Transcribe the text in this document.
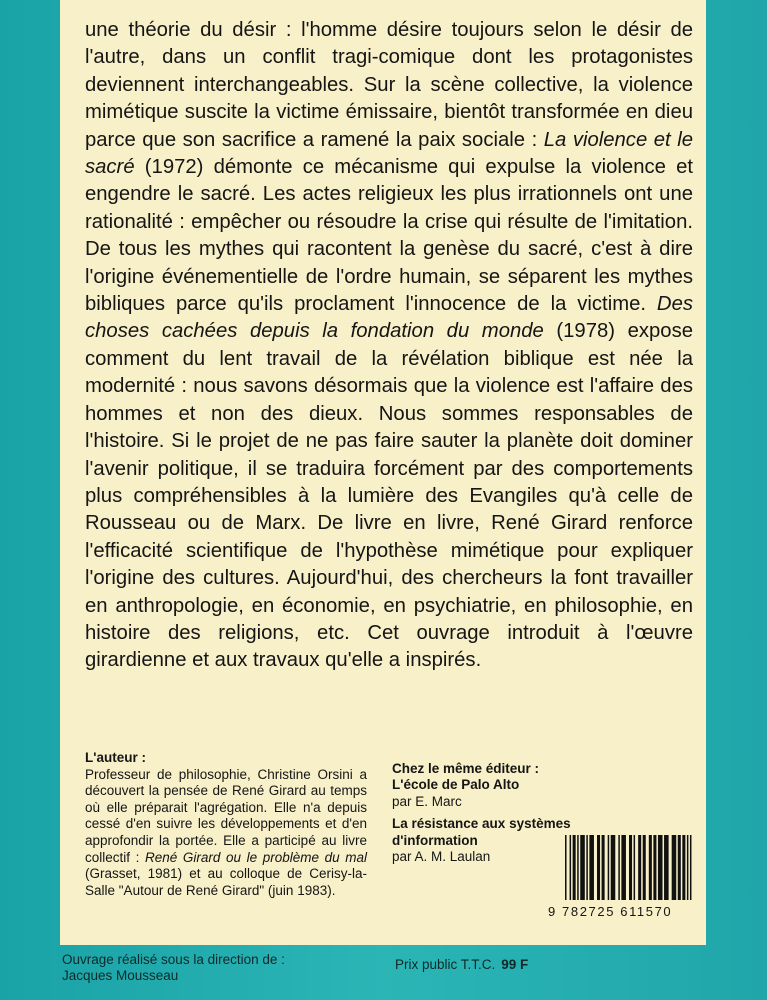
une théorie du désir : l'homme désire toujours selon le désir de l'autre, dans un conflit tragi-comique dont les protagonistes deviennent interchangeables. Sur la scène collective, la violence mimétique suscite la victime émissaire, bientôt transformée en dieu parce que son sacrifice a ramené la paix sociale : La violence et le sacré (1972) démonte ce mécanisme qui expulse la violence et engendre le sacré. Les actes religieux les plus irrationnels ont une rationalité : empêcher ou résoudre la crise qui résulte de l'imitation. De tous les mythes qui racontent la genèse du sacré, c'est à dire l'origine événementielle de l'ordre humain, se séparent les mythes bibliques parce qu'ils proclament l'innocence de la victime. Des choses cachées depuis la fondation du monde (1978) expose comment du lent travail de la révélation biblique est née la modernité : nous savons désormais que la violence est l'affaire des hommes et non des dieux. Nous sommes responsables de l'histoire. Si le projet de ne pas faire sauter la planète doit dominer l'avenir politique, il se traduira forcément par des comportements plus compréhensibles à la lumière des Evangiles qu'à celle de Rousseau ou de Marx. De livre en livre, René Girard renforce l'efficacité scientifique de l'hypothèse mimétique pour expliquer l'origine des cultures. Aujourd'hui, des chercheurs la font travailler en anthropologie, en économie, en psychiatrie, en philosophie, en histoire des religions, etc. Cet ouvrage introduit à l'œuvre girardienne et aux travaux qu'elle a inspirés.
L'auteur :
Professeur de philosophie, Christine Orsini a découvert la pensée de René Girard au temps où elle préparait l'agrégation. Elle n'a depuis cessé d'en suivre les développements et d'en approfondir la portée. Elle a participé au livre collectif : René Girard ou le problème du mal (Grasset, 1981) et au colloque de Cerisy-la-Salle "Autour de René Girard" (juin 1983).
Chez le même éditeur :
L'école de Palo Alto
par E. Marc
La résistance aux systèmes
d'information
par A. M. Laulan
9 782725 611570
Ouvrage réalisé sous la direction de :
Jacques Mousseau
Prix public T.T.C. 99 F
